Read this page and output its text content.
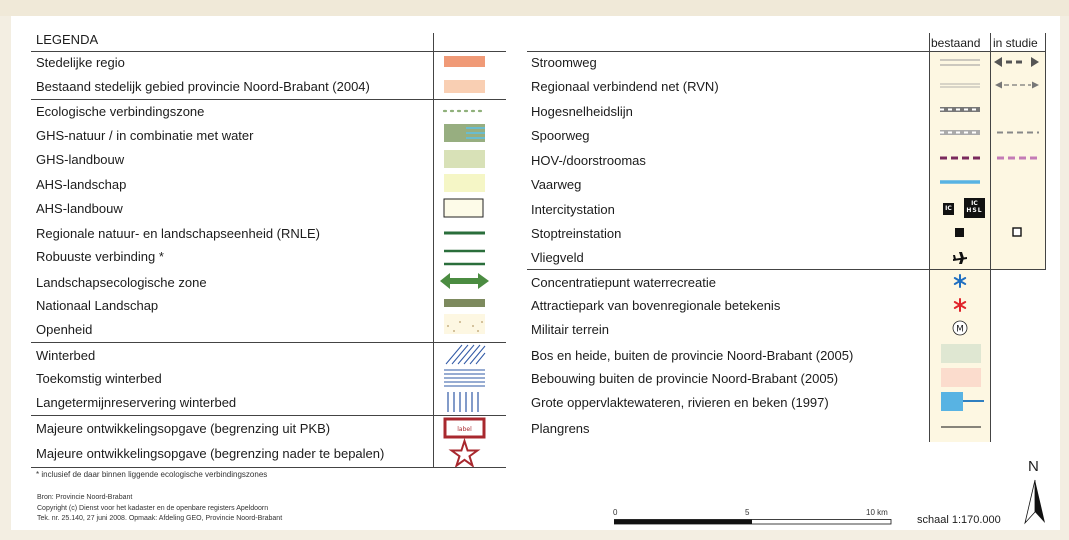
LEGENDA
Stedelijke regio
Bestaand stedelijk gebied provincie Noord-Brabant (2004)
Ecologische verbindingszone
GHS-natuur / in combinatie met water
GHS-landbouw
AHS-landschap
AHS-landbouw
Regionale natuur- en landschapseenheid (RNLE)
Robuuste verbinding *
Landschapsecologische zone
Nationaal Landschap
Openheid
Winterbed
Toekomstig winterbed
Langetermijnreservering winterbed
Majeure ontwikkelingsopgave (begrenzing uit PKB)
Majeure ontwikkelingsopgave (begrenzing nader te bepalen)
* inclusief de daar binnen liggende ecologische verbindingszones
label
bestaand in studie
Stroomweg
Regionaal verbindend net (RVN)
Hogesnelheidslijn
Spoorweg
HOV-/doorstroomas
Vaarweg
Intercitystation
Stoptreinstation
Vliegveld
Concentratiepunt waterrecreatie
Attractiepark van bovenregionale betekenis
Militair terrein
Bos en heide, buiten de provincie Noord-Brabant (2005)
Bebouwing buiten de provincie Noord-Brabant (2005)
Grote oppervlaktewateren, rivieren en beken (1997)
Plangrens
M
IC
IC
HSL
Bron: Provincie Noord-Brabant
Copyright (c) Dienst voor het kadaster en de openbare registers Apeldoorn
Tek. nr. 25.140, 27 juni 2008. Opmaak: Afdeling GEO, Provincie Noord-Brabant
0	5	10 km
schaal 1:170.000
N
